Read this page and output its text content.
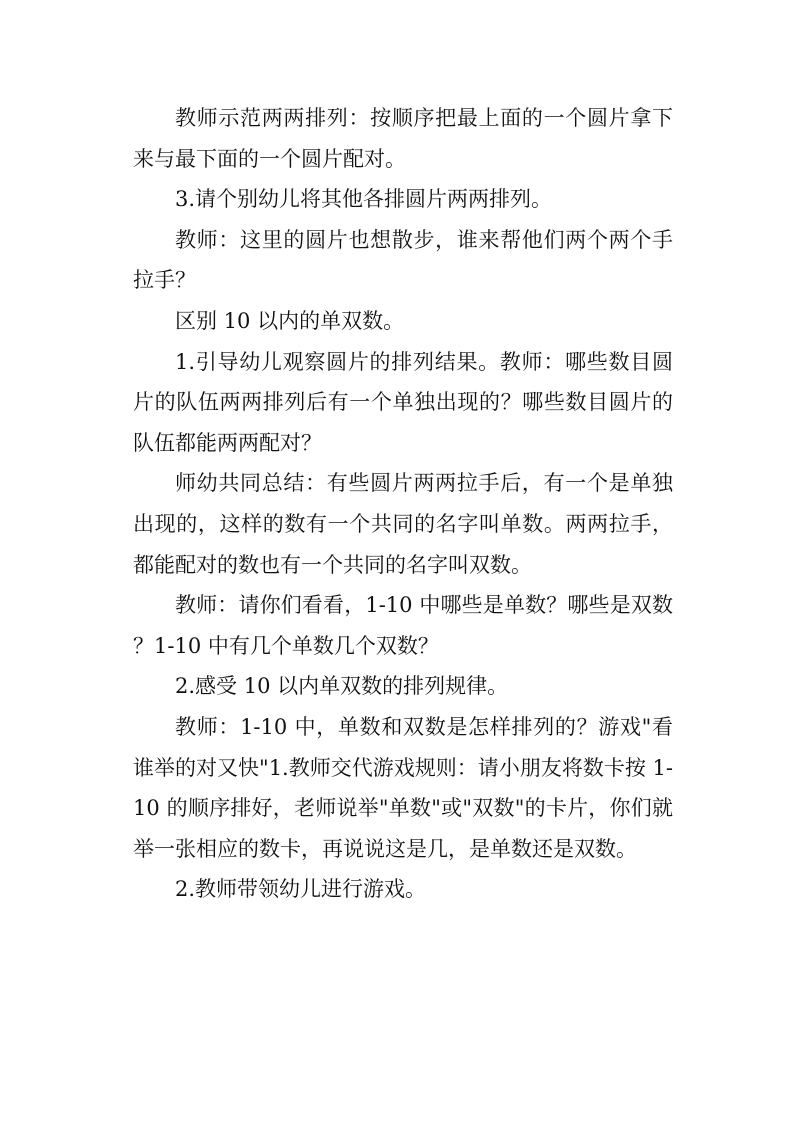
教师示范两两排列：按顺序把最上面的一个圆片拿下来与最下面的一个圆片配对。

3.请个别幼儿将其他各排圆片两两排列。

教师：这里的圆片也想散步，谁来帮他们两个两个手拉手？

区别 10 以内的单双数。

1.引导幼儿观察圆片的排列结果。教师：哪些数目圆片的队伍两两排列后有一个单独出现的？哪些数目圆片的队伍都能两两配对？

师幼共同总结：有些圆片两两拉手后，有一个是单独出现的，这样的数有一个共同的名字叫单数。两两拉手，都能配对的数也有一个共同的名字叫双数。

教师：请你们看看，1-10 中哪些是单数？哪些是双数？1-10 中有几个单数几个双数？

2.感受 10 以内单双数的排列规律。

教师：1-10 中，单数和双数是怎样排列的？游戏"看谁举的对又快"1.教师交代游戏规则：请小朋友将数卡按 1-10 的顺序排好，老师说举"单数"或"双数"的卡片，你们就举一张相应的数卡，再说说这是几，是单数还是双数。

2.教师带领幼儿进行游戏。
